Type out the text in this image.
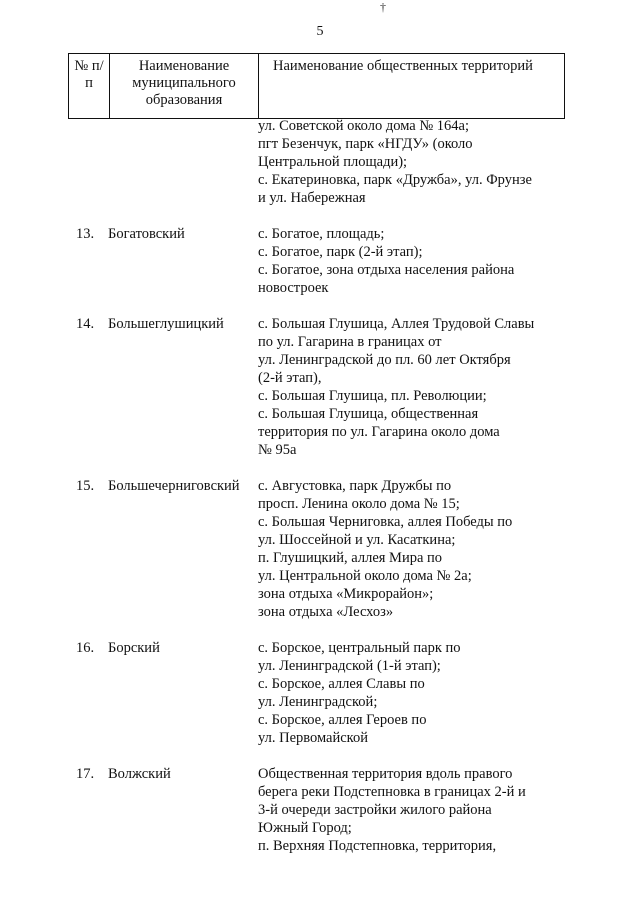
†
5
№ п/п	Наименование муниципального образования	Наименование общественных территорий
ул. Советской около дома № 164а;
пгт Безенчук, парк «НГДУ» (около
Центральной площади);
с. Екатериновка, парк «Дружба», ул. Фрунзе
и ул. Набережная
13. Богатовский	с. Богатое, площадь;
с. Богатое, парк (2-й этап);
с. Богатое, зона отдыха населения района
новостроек
14. Большеглушицкий	с. Большая Глушица, Аллея Трудовой Славы
по ул. Гагарина в границах от
ул. Ленинградской до пл. 60 лет Октября
(2-й этап),
с. Большая Глушица, пл. Революции;
с. Большая Глушица, общественная
территория по ул. Гагарина около дома
№ 95а
15. Большечерниговский	с. Августовка, парк Дружбы по
просп. Ленина около дома № 15;
с. Большая Черниговка, аллея Победы по
ул. Шоссейной и ул. Касаткина;
п. Глушицкий, аллея Мира по
ул. Центральной около дома № 2а;
зона отдыха «Микрорайон»;
зона отдыха «Лесхоз»
16. Борский	с. Борское, центральный парк по
ул. Ленинградской (1-й этап);
с. Борское, аллея Славы по
ул. Ленинградской;
с. Борское, аллея Героев по
ул. Первомайской
17. Волжский	Общественная территория вдоль правого
берега реки Подстепновка в границах 2-й и
3-й очереди застройки жилого района
Южный Город;
п. Верхняя Подстепновка, территория,
